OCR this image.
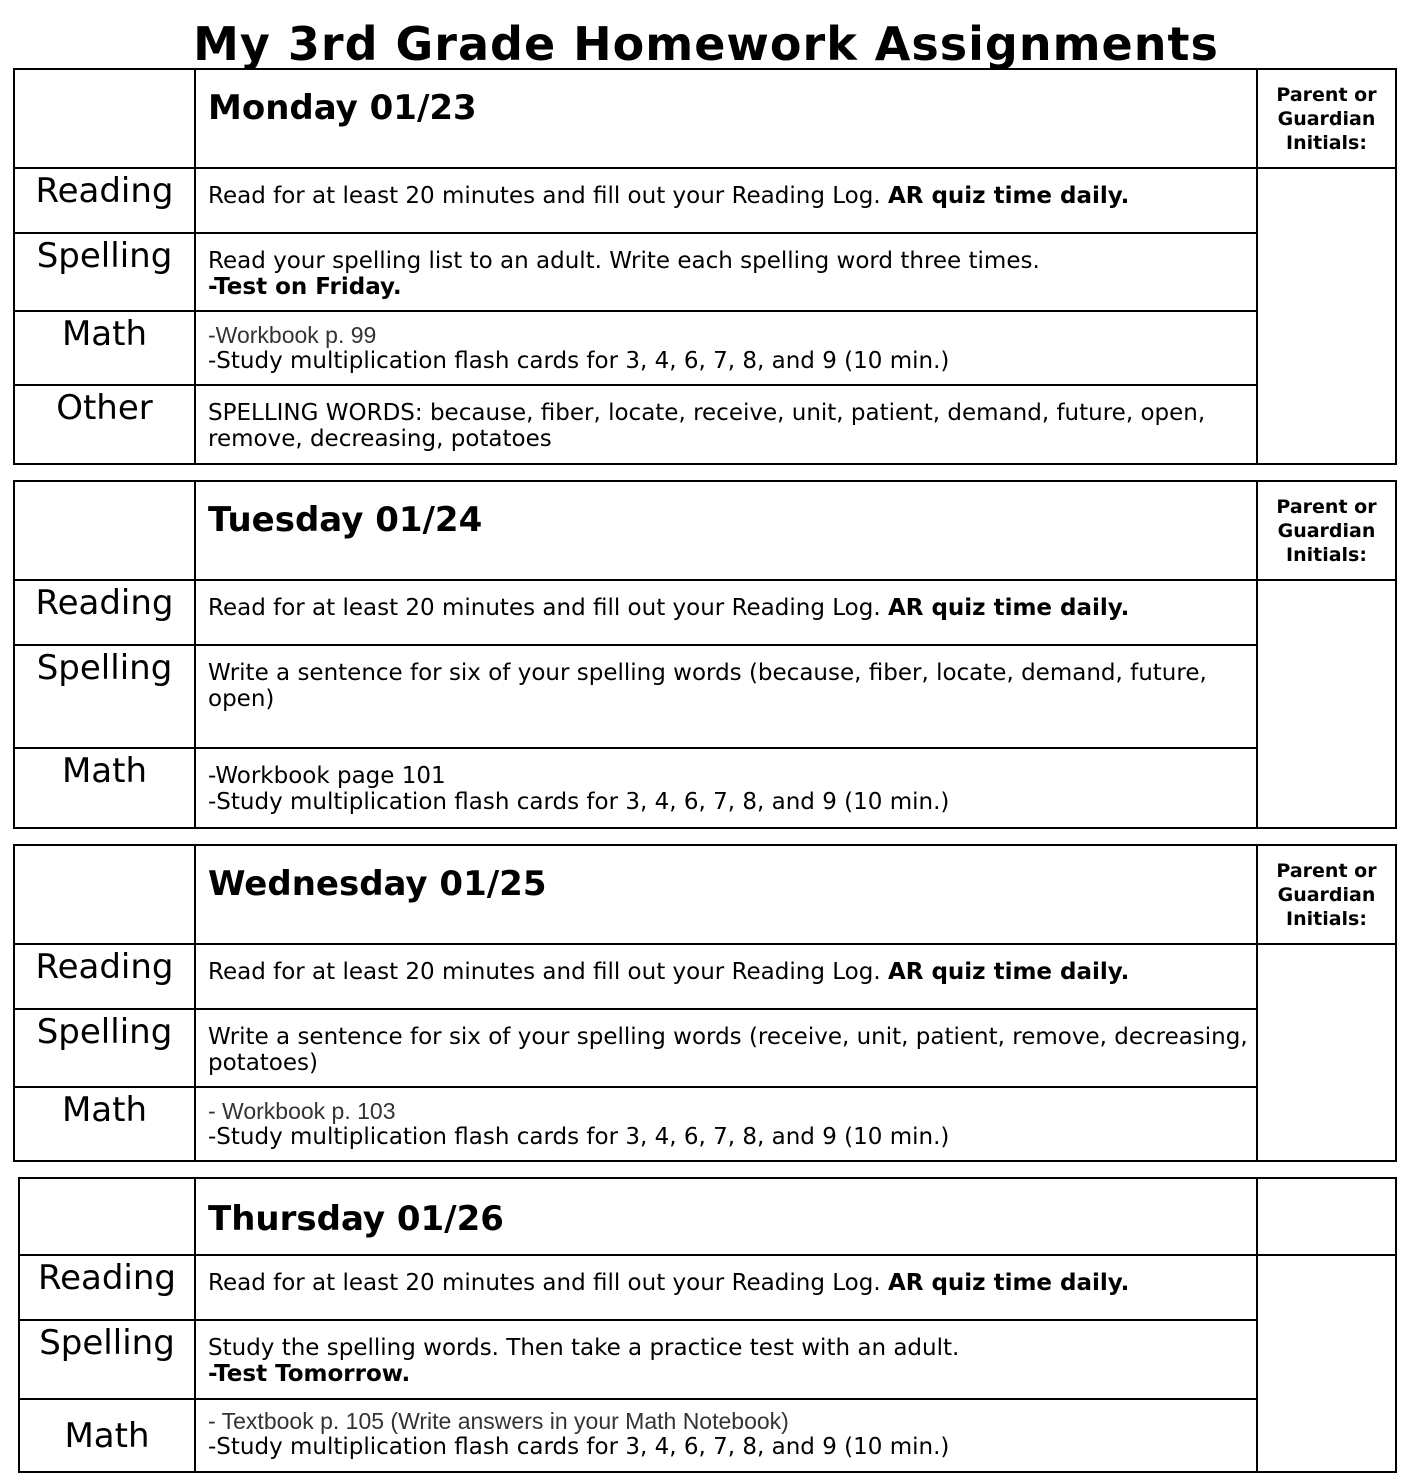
My 3rd Grade Homework Assignments
	Monday 01/23	Parent or
Guardian
Initials:

Reading	Read for at least 20 minutes and fill out your Reading Log. AR quiz time daily.	
Spelling	Read your spelling list to an adult. Write each spelling word three times.
-Test on Friday.	

Math	-Workbook p. 99
-Study multiplication flash cards for 3, 4, 6, 7, 8, and 9 (10 min.)	

Other	SPELLING WORDS: because, fiber, locate, receive, unit, patient, demand, future, open, remove, decreasing, potatoes	
	Tuesday 01/24	Parent or
Guardian
Initials:

Reading	Read for at least 20 minutes and fill out your Reading Log. AR quiz time daily.	
Spelling	Write a sentence for six of your spelling words (because, fiber, locate, demand, future, open)	
Math	-Workbook page 101
-Study multiplication flash cards for 3, 4, 6, 7, 8, and 9 (10 min.)	
	Wednesday 01/25	Parent or
Guardian
Initials:

Reading	Read for at least 20 minutes and fill out your Reading Log. AR quiz time daily.	
Spelling	Write a sentence for six of your spelling words (receive, unit, patient, remove, decreasing, potatoes)	
Math	- Workbook p. 103
-Study multiplication flash cards for 3, 4, 6, 7, 8, and 9 (10 min.)	
	Thursday 01/26	
Reading	Read for at least 20 minutes and fill out your Reading Log. AR quiz time daily.	
Spelling	Study the spelling words. Then take a practice test with an adult.
-Test Tomorrow.	

Math	- Textbook p. 105 (Write answers in your Math Notebook)
-Study multiplication flash cards for 3, 4, 6, 7, 8, and 9 (10 min.)	
